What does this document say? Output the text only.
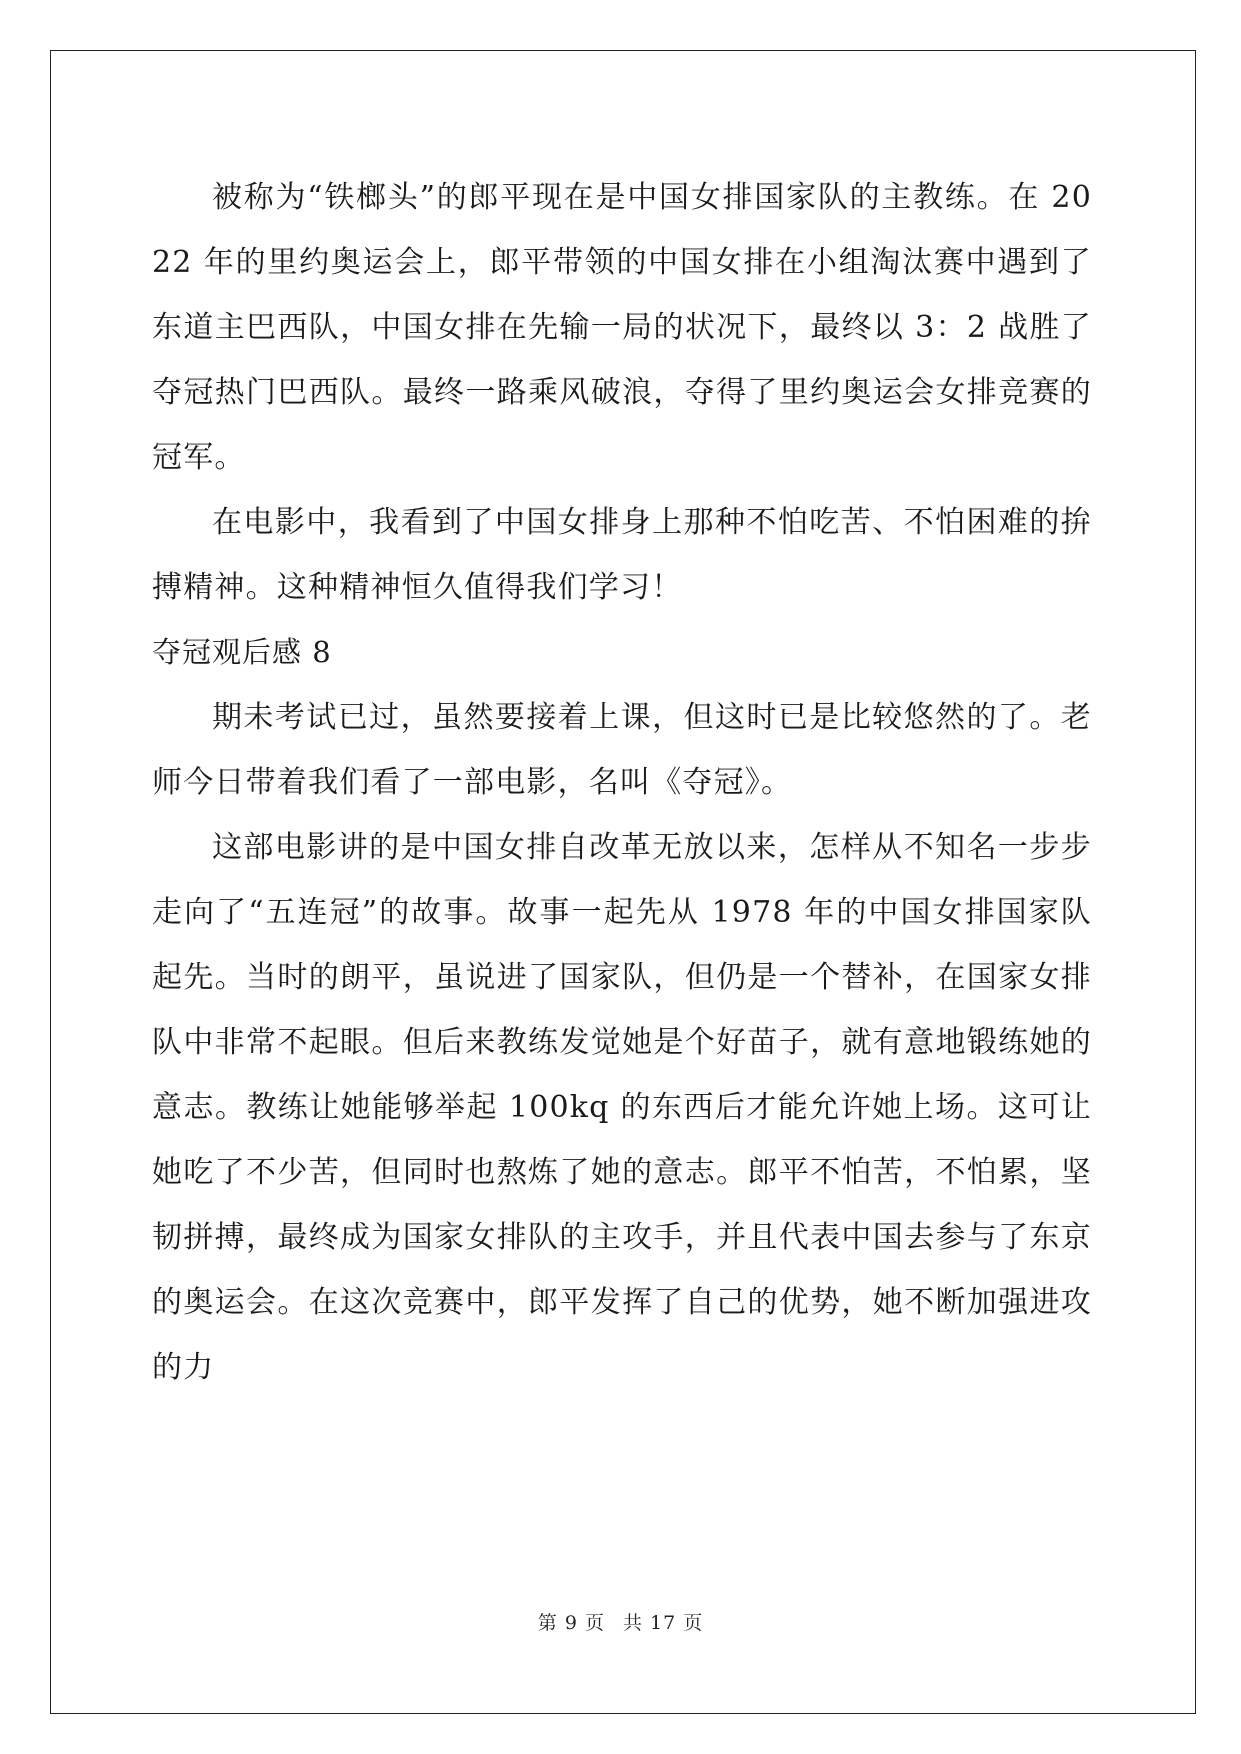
被称为“铁榔头”的郎平现在是中国女排国家队的主教练。在 2022 年的里约奥运会上，郎平带领的中国女排在小组淘汰赛中遇到了东道主巴西队，中国女排在先输一局的状况下，最终以 3：2 战胜了夺冠热门巴西队。最终一路乘风破浪，夺得了里约奥运会女排竞赛的冠军。

在电影中，我看到了中国女排身上那种不怕吃苦、不怕困难的拚搏精神。这种精神恒久值得我们学习！

夺冠观后感 8

期未考试已过，虽然要接着上课，但这时已是比较悠然的了。老师今日带着我们看了一部电影，名叫《夺冠》。

这部电影讲的是中国女排自改革无放以来，怎样从不知名一步步走向了“五连冠”的故事。故事一起先从 1978 年的中国女排国家队起先。当时的朗平，虽说进了国家队，但仍是一个替补，在国家女排队中非常不起眼。但后来教练发觉她是个好苗子，就有意地锻练她的意志。教练让她能够举起 100kq 的东西后才能允许她上场。这可让她吃了不少苦，但同时也熬炼了她的意志。郎平不怕苦，不怕累，坚韧拼搏，最终成为国家女排队的主攻手，并且代表中国去参与了东京的奥运会。在这次竞赛中，郎平发挥了自己的优势，她不断加强进攻的力

第 9 页 共 17 页
